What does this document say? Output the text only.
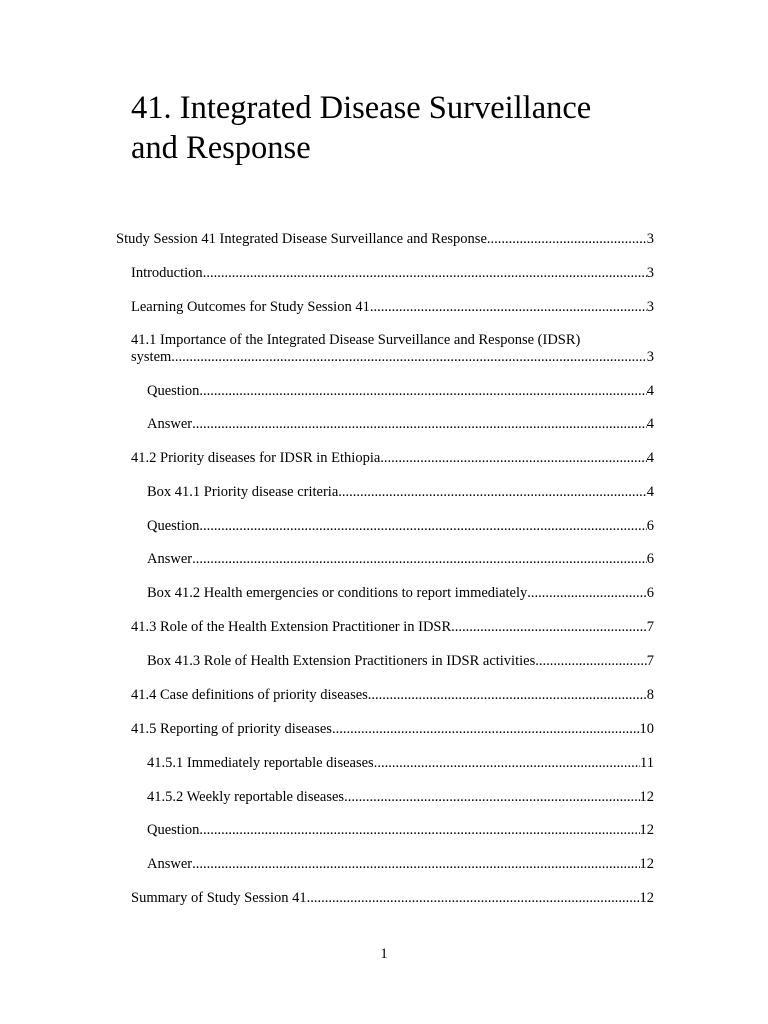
41. Integrated Disease Surveillance
and Response
Study Session 41 Integrated Disease Surveillance and Response .....	3
Introduction .....	3
Learning Outcomes for Study Session 41 .....	3
41.1 Importance of the Integrated Disease Surveillance and Response (IDSR)
system .....	3
Question .....	4
Answer .....	4
41.2 Priority diseases for IDSR in Ethiopia .....	4
Box 41.1 Priority disease criteria .....	4
Question .....	6
Answer .....	6
Box 41.2 Health emergencies or conditions to report immediately .....	6
41.3 Role of the Health Extension Practitioner in IDSR .....	7
Box 41.3 Role of Health Extension Practitioners in IDSR activities .....	7
41.4 Case definitions of priority diseases .....	8
41.5 Reporting of priority diseases .....	10
41.5.1 Immediately reportable diseases .....	11
41.5.2 Weekly reportable diseases .....	12
Question .....	12
Answer .....	12
Summary of Study Session 41 .....	12
1
